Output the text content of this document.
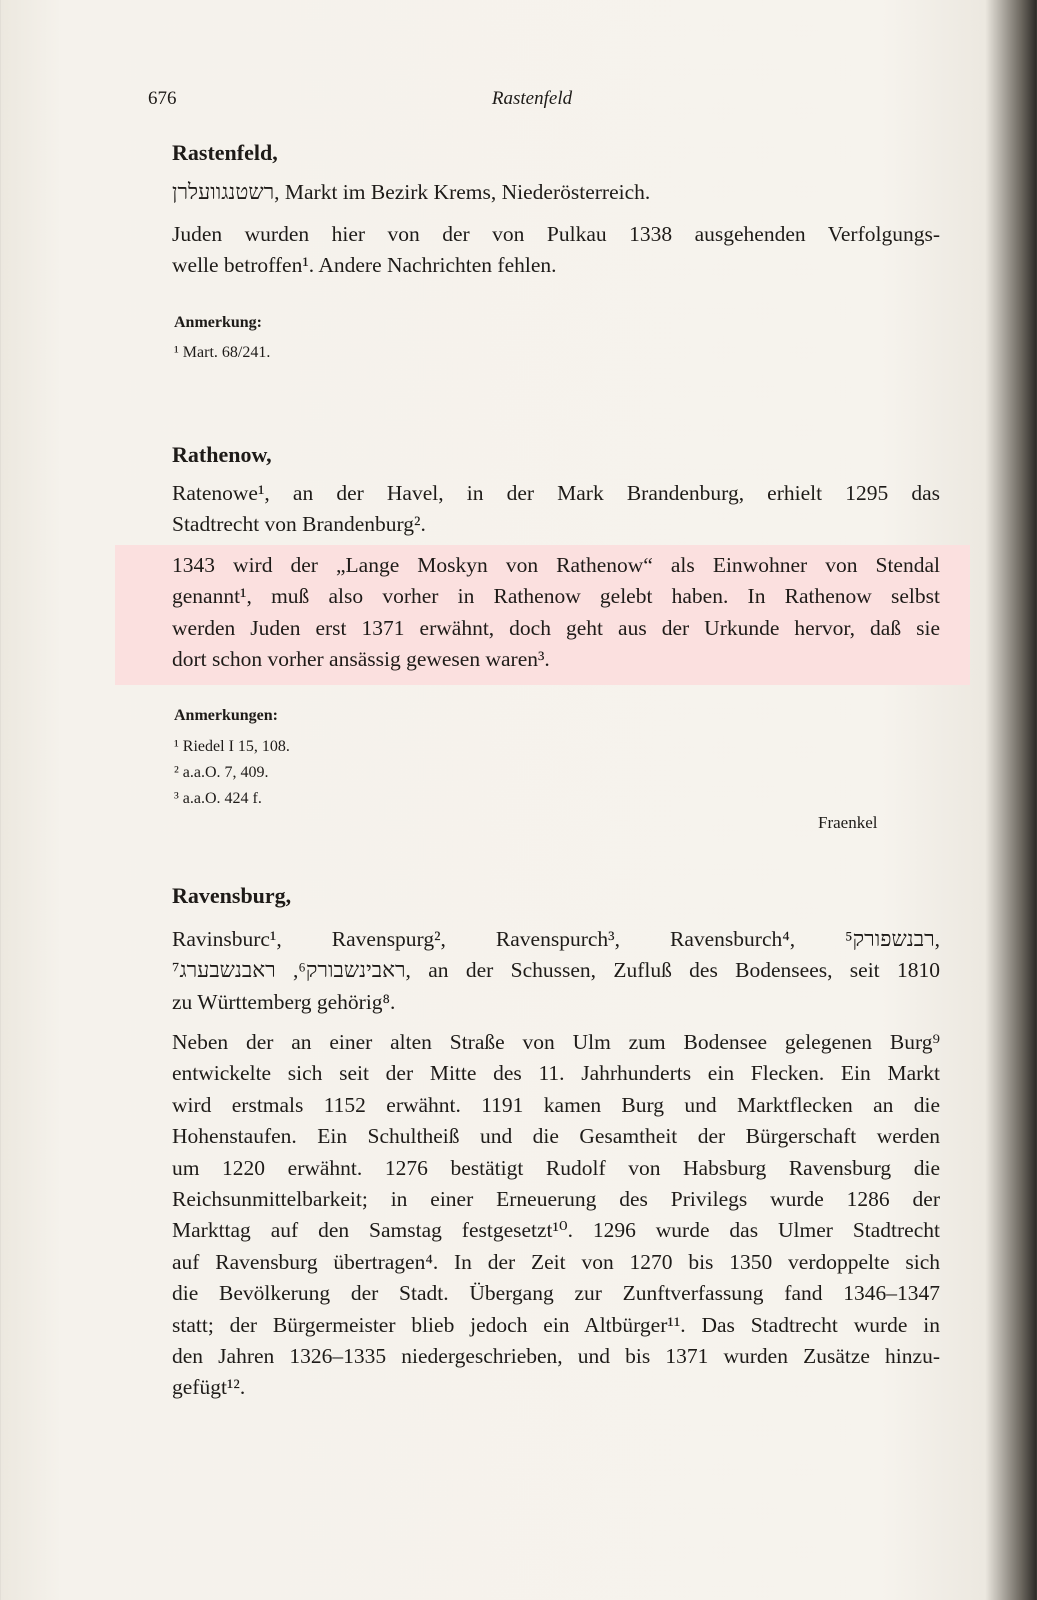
676	Rastenfeld
Rastenfeld,
רשטנגוועלרן, Markt im Bezirk Krems, Niederösterreich.
Juden wurden hier von der von Pulkau 1338 ausgehenden Verfolgungs-
welle betroffen¹. Andere Nachrichten fehlen.
Anmerkung:
¹ Mart. 68/241.
Rathenow,
Ratenowe¹, an der Havel, in der Mark Brandenburg, erhielt 1295 das
Stadtrecht von Brandenburg².
1343 wird der „Lange Moskyn von Rathenow“ als Einwohner von Stendal
genannt¹, muß also vorher in Rathenow gelebt haben. In Rathenow selbst
werden Juden erst 1371 erwähnt, doch geht aus der Urkunde hervor, daß sie
dort schon vorher ansässig gewesen waren³.
Anmerkungen:
¹ Riedel I 15, 108.
² a.a.O. 7, 409.
³ a.a.O. 424 f.
Fraenkel
Ravensburg,
Ravinsburc¹, Ravenspurg², Ravenspurch³, Ravensburch⁴, רבנשפורק⁵,
ראבינשבורק⁶, ראבנשבערג⁷, an der Schussen, Zufluß des Bodensees, seit 1810
zu Württemberg gehörig⁸.
Neben der an einer alten Straße von Ulm zum Bodensee gelegenen Burg⁹
entwickelte sich seit der Mitte des 11. Jahrhunderts ein Flecken. Ein Markt
wird erstmals 1152 erwähnt. 1191 kamen Burg und Marktflecken an die
Hohenstaufen. Ein Schultheiß und die Gesamtheit der Bürgerschaft werden
um 1220 erwähnt. 1276 bestätigt Rudolf von Habsburg Ravensburg die
Reichsunmittelbarkeit; in einer Erneuerung des Privilegs wurde 1286 der
Markttag auf den Samstag festgesetzt¹⁰. 1296 wurde das Ulmer Stadtrecht
auf Ravensburg übertragen⁴. In der Zeit von 1270 bis 1350 verdoppelte sich
die Bevölkerung der Stadt. Übergang zur Zunftverfassung fand 1346–1347
statt; der Bürgermeister blieb jedoch ein Altbürger¹¹. Das Stadtrecht wurde in
den Jahren 1326–1335 niedergeschrieben, und bis 1371 wurden Zusätze hinzu-
gefügt¹².
